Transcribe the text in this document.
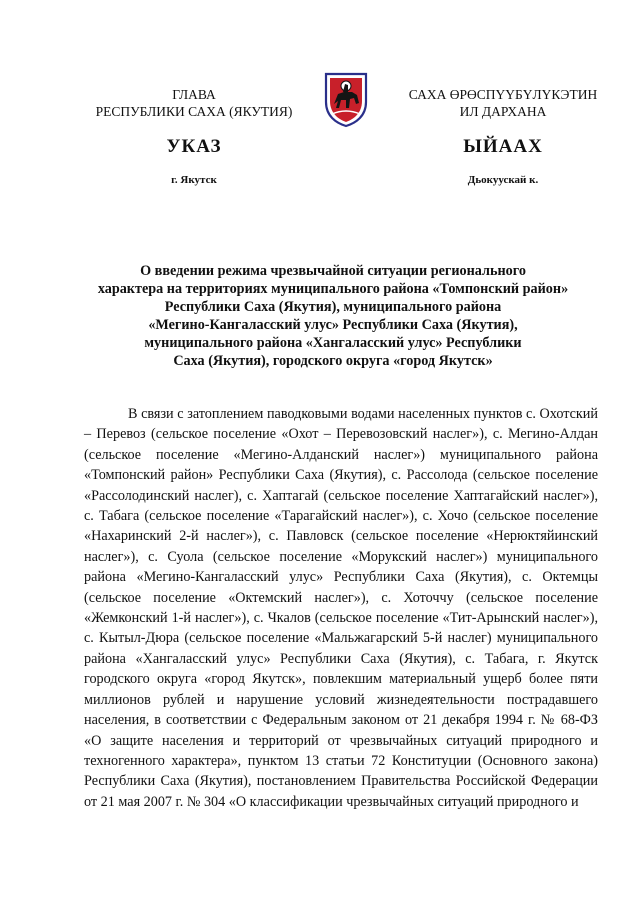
ГЛАВА
РЕСПУБЛИКИ САХА (ЯКУТИЯ)
САХА ӨРӨСПҮҮБҮЛҮКЭТИН
ИЛ ДАРХАНА
УКАЗ	ЫЙААХ
г. Якутск	Дьокуускай к.
О введении режима чрезвычайной ситуации регионального
характера на территориях муниципального района «Томпонский район»
Республики Саха (Якутия), муниципального района
«Мегино-Кангаласский улус» Республики Саха (Якутия),
муниципального района «Хангаласский улус» Республики
Саха (Якутия), городского округа «город Якутск»

В связи с затоплением паводковыми водами населенных пунктов с. Охотский – Перевоз (сельское поселение «Охот – Перевозовский наслег»), с. Мегино-Алдан (сельское поселение «Мегино-Алданский наслег») муниципального района «Томпонский район» Республики Саха (Якутия), с. Рассолода (сельское поселение «Рассолодинский наслег), с. Хаптагай (сельское поселение Хаптагайский наслег»), с. Табага (сельское поселение «Тарагайский наслег»), с. Хочо (сельское поселение «Нахаринский 2-й наслег»), с. Павловск (сельское поселение «Нерюктяйинский наслег»), с. Суола (сельское поселение «Морукский наслег») муниципального района «Мегино-Кангаласский улус» Республики Саха (Якутия), с. Октемцы (сельское поселение «Октемский наслег»), с. Хоточчу (сельское поселение «Жемконский 1-й наслег»), с. Чкалов (сельское поселение «Тит-Арынский наслег»), с. Кытыл-Дюра (сельское поселение «Мальжагарский 5-й наслег) муниципального района «Хангаласский улус» Республики Саха (Якутия), с. Табага, г. Якутск городского округа «город Якутск», повлекшим материальный ущерб более пяти миллионов рублей и нарушение условий жизнедеятельности пострадавшего населения, в соответствии с Федеральным законом от 21 декабря 1994 г. № 68-ФЗ «О защите населения и территорий от чрезвычайных ситуаций природного и техногенного характера», пунктом 13 статьи 72 Конституции (Основного закона) Республики Саха (Якутия), постановлением Правительства Российской Федерации от 21 мая 2007 г. № 304 «О классификации чрезвычайных ситуаций природного и
